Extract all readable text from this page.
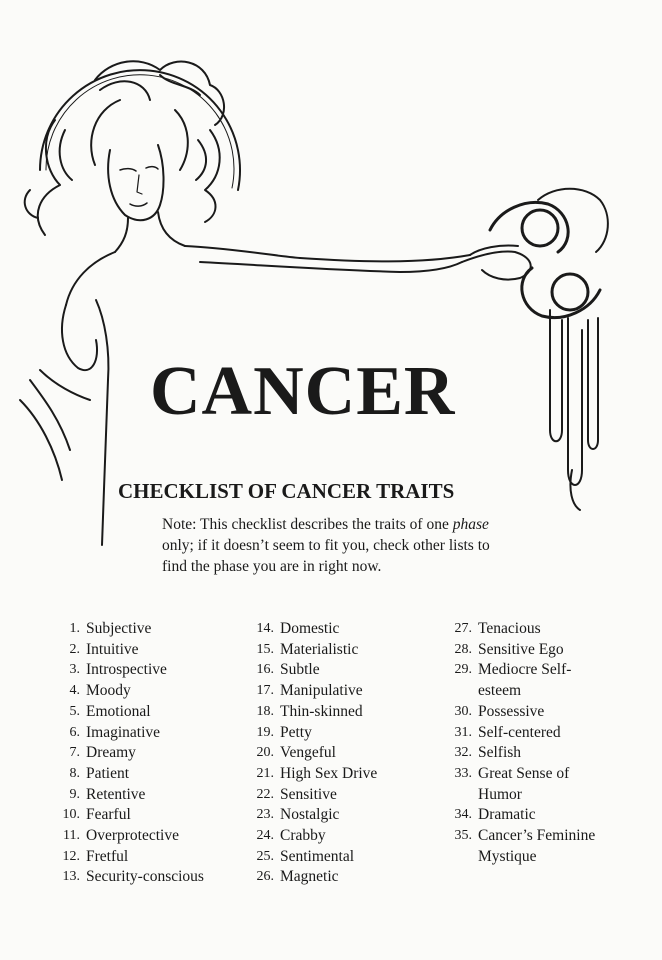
CANCER
CHECKLIST OF CANCER TRAITS
Note: This checklist describes the traits of one phase only; if it doesn’t seem to fit you, check other lists to find the phase you are in right now.
1. Subjective
2. Intuitive
3. Introspective
4. Moody
5. Emotional
6. Imaginative
7. Dreamy
8. Patient
9. Retentive
10. Fearful
11. Overprotective
12. Fretful
13. Security-conscious
14. Domestic
15. Materialistic
16. Subtle
17. Manipulative
18. Thin-skinned
19. Petty
20. Vengeful
21. High Sex Drive
22. Sensitive
23. Nostalgic
24. Crabby
25. Sentimental
26. Magnetic
27. Tenacious
28. Sensitive Ego
29. Mediocre Self-esteem
30. Possessive
31. Self-centered
32. Selfish
33. Great Sense of Humor
34. Dramatic
35. Cancer’s Feminine Mystique
